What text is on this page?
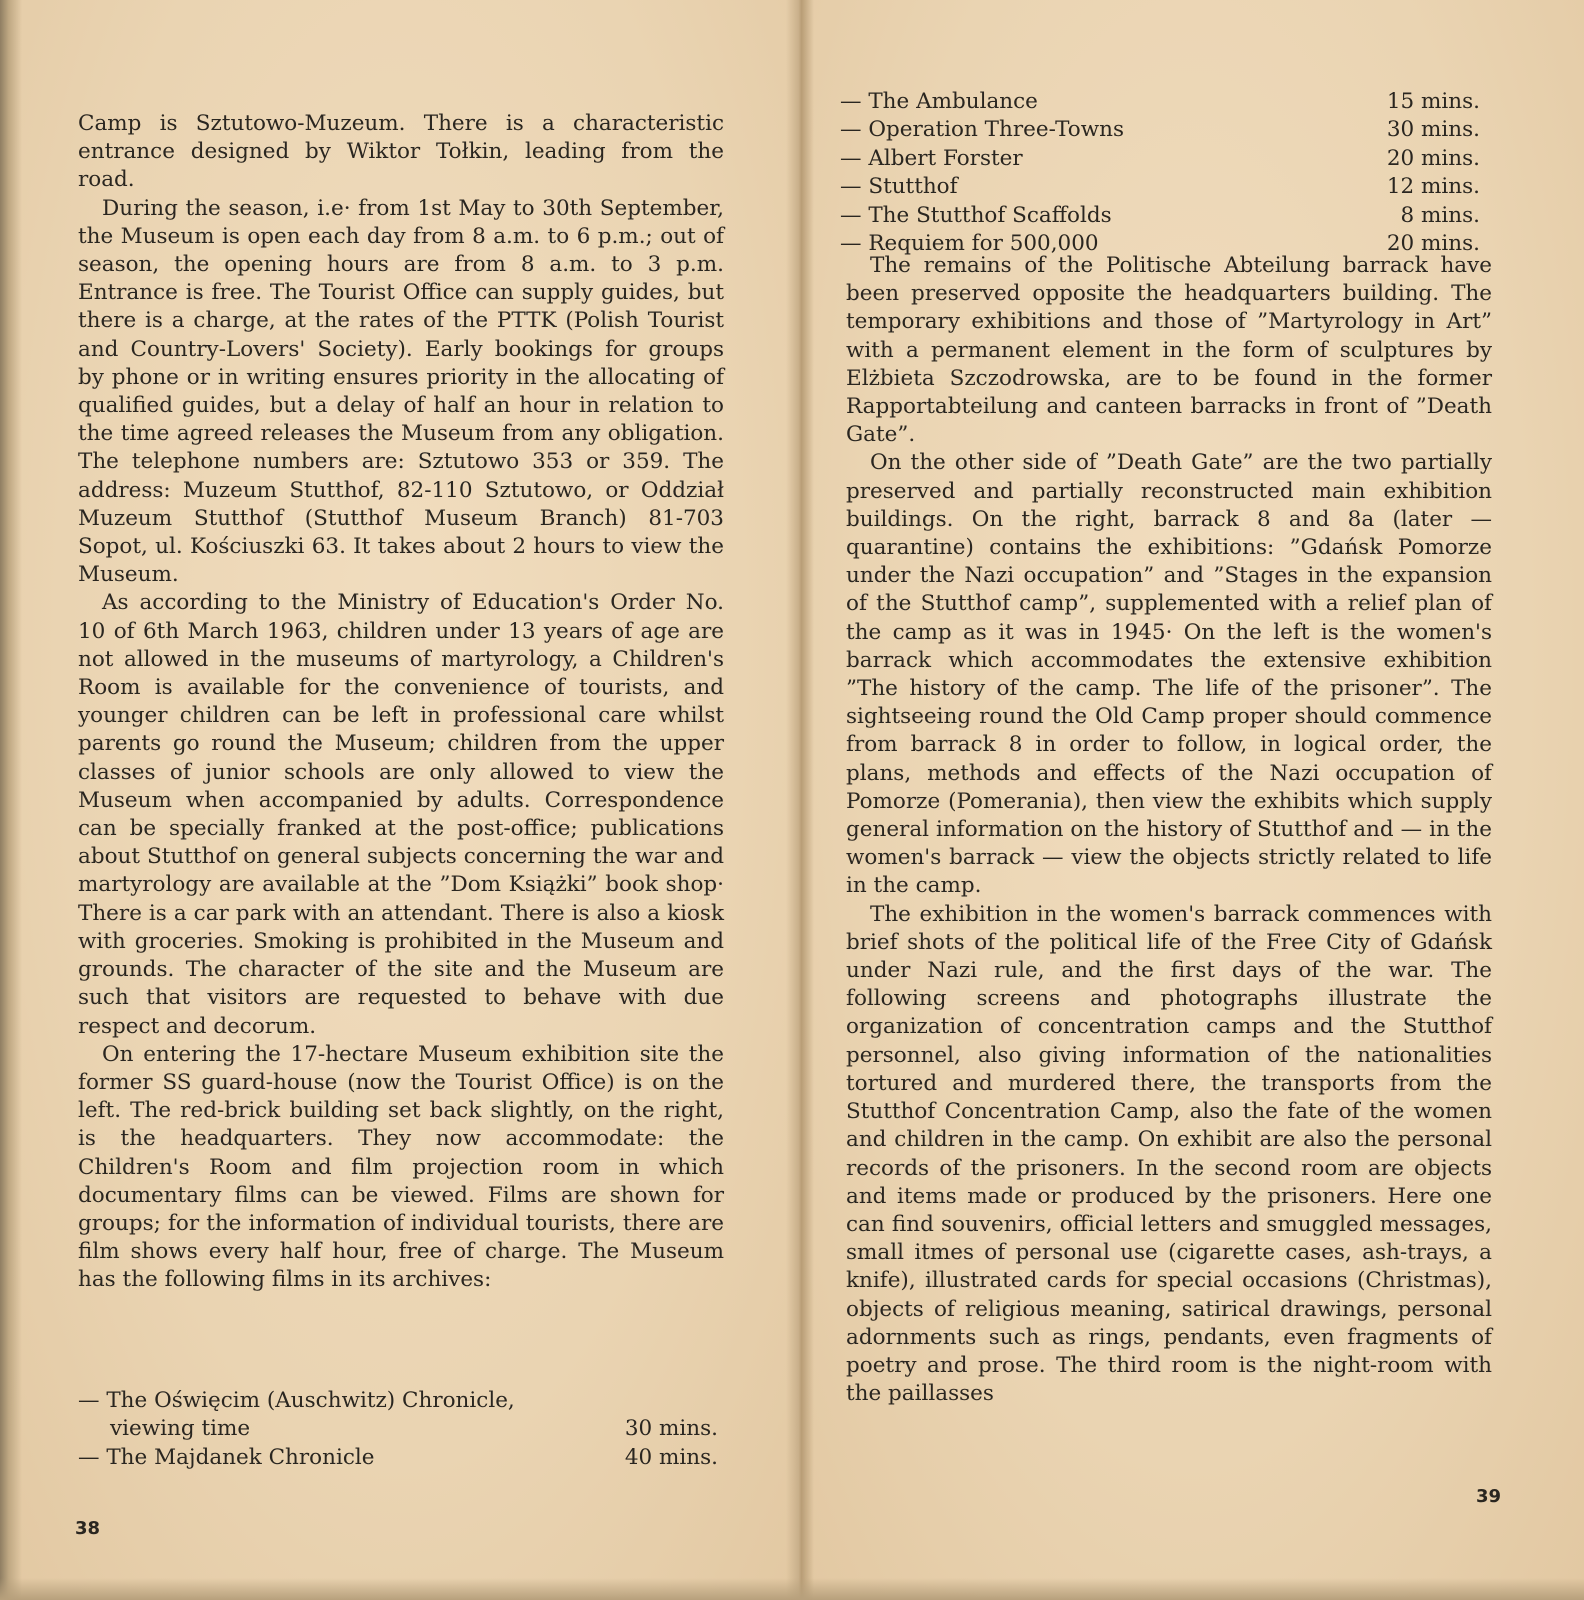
Camp is Sztutowo-Muzeum. There is a characteristic entrance designed by Wiktor Tołkin, leading from the road.

During the season, i.e· from 1st May to 30th September, the Museum is open each day from 8 a.m. to 6 p.m.; out of season, the opening hours are from 8 a.m. to 3 p.m. Entrance is free. The Tourist Office can supply guides, but there is a charge, at the rates of the PTTK (Polish Tourist and Country-Lovers' Society). Early bookings for groups by phone or in writing ensures priority in the allocating of qualified guides, but a delay of half an hour in relation to the time agreed releases the Museum from any obligation. The telephone numbers are: Sztutowo 353 or 359. The address: Muzeum Stutthof, 82-110 Sztutowo, or Oddział Muzeum Stutthof (Stutthof Museum Branch) 81-703 Sopot, ul. Kościuszki 63. It takes about 2 hours to view the Museum.

As according to the Ministry of Education's Order No. 10 of 6th March 1963, children under 13 years of age are not allowed in the museums of martyrology, a Children's Room is available for the convenience of tourists, and younger children can be left in professional care whilst parents go round the Museum; children from the upper classes of junior schools are only allowed to view the Museum when accompanied by adults. Correspondence can be specially franked at the post-office; publications about Stutthof on general subjects concerning the war and martyrology are available at the ”Dom Książki” book shop· There is a car park with an attendant. There is also a kiosk with groceries. Smoking is prohibited in the Museum and grounds. The character of the site and the Museum are such that visitors are requested to behave with due respect and decorum.

On entering the 17-hectare Museum exhibition site the former SS guard-house (now the Tourist Office) is on the left. The red-brick building set back slightly, on the right, is the headquarters. They now accommodate: the Children's Room and film projection room in which documentary films can be viewed. Films are shown for groups; for the information of individual tourists, there are film shows every half hour, free of charge. The Museum has the following films in its archives:

— The Oświęcim (Auschwitz) Chronicle,
viewing time	30 mins.
— The Majdanek Chronicle	40 mins.
38
— The Ambulance	15 mins.
— Operation Three-Towns	30 mins.
— Albert Forster	20 mins.
— Stutthof	12 mins.
— The Stutthof Scaffolds	8 mins.
— Requiem for 500,000	20 mins.

The remains of the Politische Abteilung barrack have been preserved opposite the headquarters building. The temporary exhibitions and those of ”Martyrology in Art” with a permanent element in the form of sculptures by Elżbieta Szczodrowska, are to be found in the former Rapportabteilung and canteen barracks in front of ”Death Gate”.

On the other side of ”Death Gate” are the two partially preserved and partially reconstructed main exhibition buildings. On the right, barrack 8 and 8a (later — quarantine) contains the exhibitions: ”Gdańsk Pomorze under the Nazi occupation” and ”Stages in the expansion of the Stutthof camp”, supplemented with a relief plan of the camp as it was in 1945· On the left is the women's barrack which accommodates the extensive exhibition ”The history of the camp. The life of the prisoner”. The sightseeing round the Old Camp proper should commence from barrack 8 in order to follow, in logical order, the plans, methods and effects of the Nazi occupation of Pomorze (Pomerania), then view the exhibits which supply general information on the history of Stutthof and — in the women's barrack — view the objects strictly related to life in the camp.

The exhibition in the women's barrack commences with brief shots of the political life of the Free City of Gdańsk under Nazi rule, and the first days of the war. The following screens and photographs illustrate the organization of concentration camps and the Stutthof personnel, also giving information of the nationalities tortured and murdered there, the transports from the Stutthof Concentration Camp, also the fate of the women and children in the camp. On exhibit are also the personal records of the prisoners. In the second room are objects and items made or produced by the prisoners. Here one can find souvenirs, official letters and smuggled messages, small itmes of personal use (cigarette cases, ash-trays, a knife), illustrated cards for special occasions (Christmas), objects of religious meaning, satirical drawings, personal adornments such as rings, pendants, even fragments of poetry and prose. The third room is the night-room with the paillasses

39
